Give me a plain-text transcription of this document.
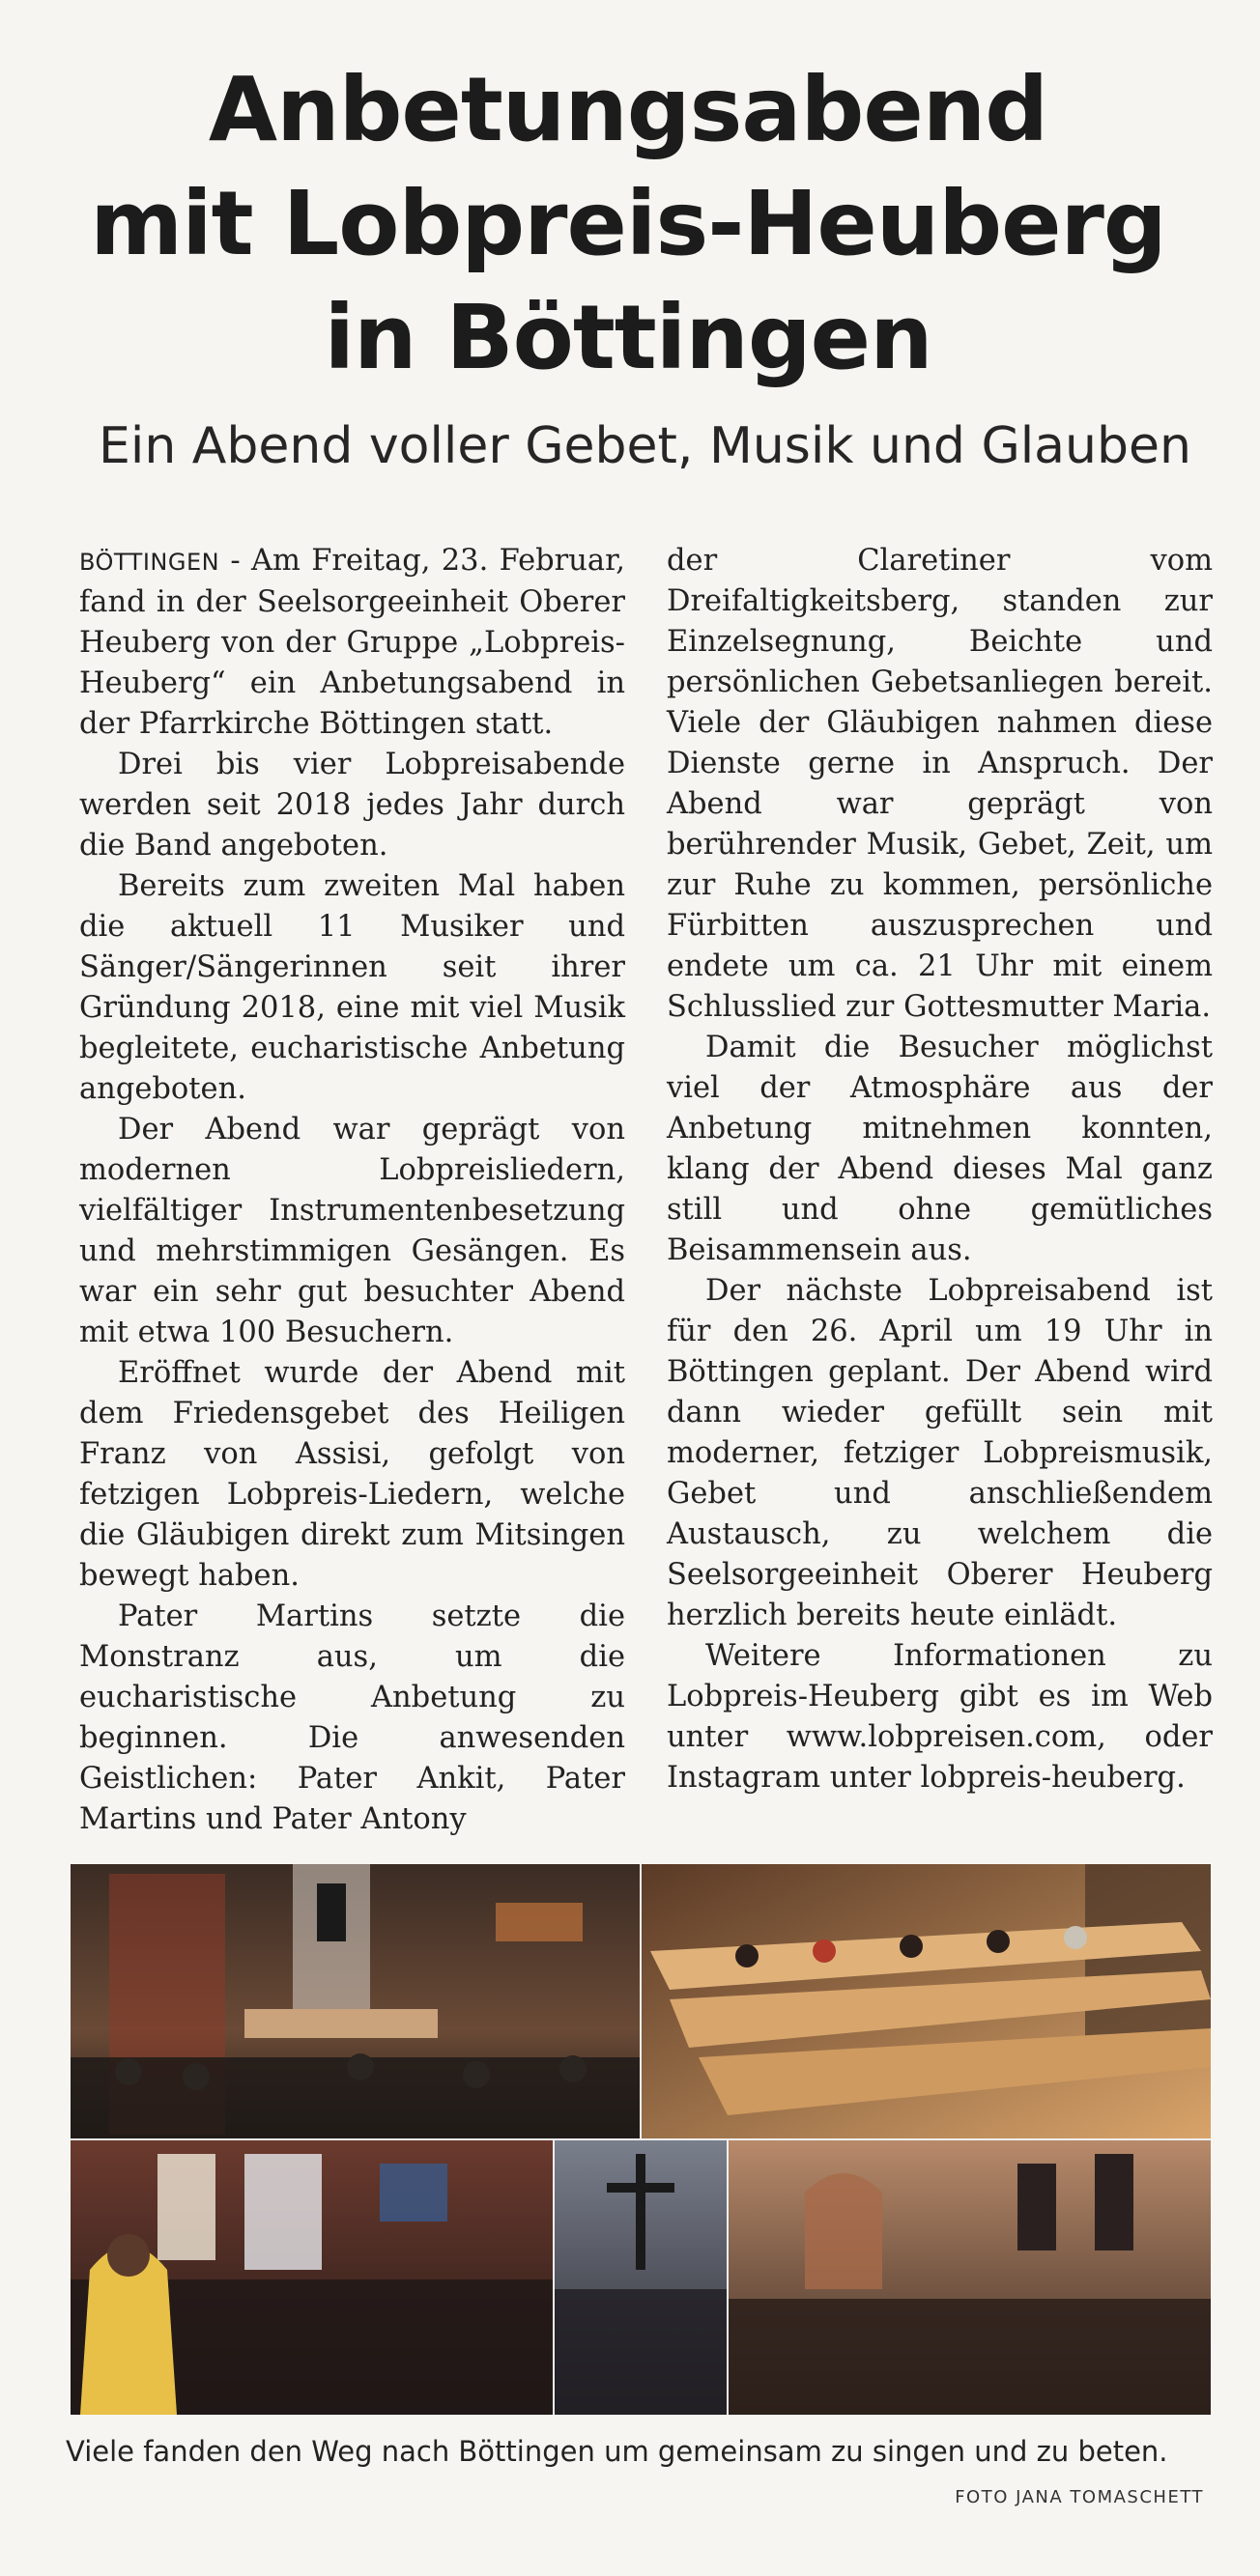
Anbetungsabend
mit Lobpreis-Heuberg
in Böttingen
Ein Abend voller Gebet, Musik und Glauben

BÖTTINGEN - Am Freitag, 23. Februar, fand in der Seelsorgeeinheit Oberer Heuberg von der Gruppe „Lobpreis-Heuberg“ ein Anbetungsabend in der Pfarrkirche Böttingen statt.

Drei bis vier Lobpreisabende werden seit 2018 jedes Jahr durch die Band angeboten.

Bereits zum zweiten Mal haben die aktuell 11 Musiker und Sänger/Sängerinnen seit ihrer Gründung 2018, eine mit viel Musik begleitete, eucharistische Anbetung angeboten.

Der Abend war geprägt von modernen Lobpreisliedern, vielfältiger Instrumentenbesetzung und mehrstimmigen Gesängen. Es war ein sehr gut besuchter Abend mit etwa 100 Besuchern.

Eröffnet wurde der Abend mit dem Friedensgebet des Heiligen Franz von Assisi, gefolgt von fetzigen Lobpreis-Liedern, welche die Gläubigen direkt zum Mitsingen bewegt haben.

Pater Martins setzte die Monstranz aus, um die eucharistische Anbetung zu beginnen. Die anwesenden Geistlichen: Pater Ankit, Pater Martins und Pater Antony

der Claretiner vom Dreifaltigkeitsberg, standen zur Einzelsegnung, Beichte und persönlichen Gebetsanliegen bereit. Viele der Gläubigen nahmen diese Dienste gerne in Anspruch. Der Abend war geprägt von berührender Musik, Gebet, Zeit, um zur Ruhe zu kommen, persönliche Fürbitten auszusprechen und endete um ca. 21 Uhr mit einem Schlusslied zur Gottesmutter Maria.

Damit die Besucher möglichst viel der Atmosphäre aus der Anbetung mitnehmen konnten, klang der Abend dieses Mal ganz still und ohne gemütliches Beisammensein aus.

Der nächste Lobpreisabend ist für den 26. April um 19 Uhr in Böttingen geplant. Der Abend wird dann wieder gefüllt sein mit moderner, fetziger Lobpreismusik, Gebet und anschließendem Austausch, zu welchem die Seelsorgeeinheit Oberer Heuberg herzlich bereits heute einlädt.

Weitere Informationen zu Lobpreis-Heuberg gibt es im Web unter www.lobpreisen.com, oder Instagram unter lobpreis-heuberg.

Viele fanden den Weg nach Böttingen um gemeinsam zu singen und zu beten.
FOTO JANA TOMASCHETT
